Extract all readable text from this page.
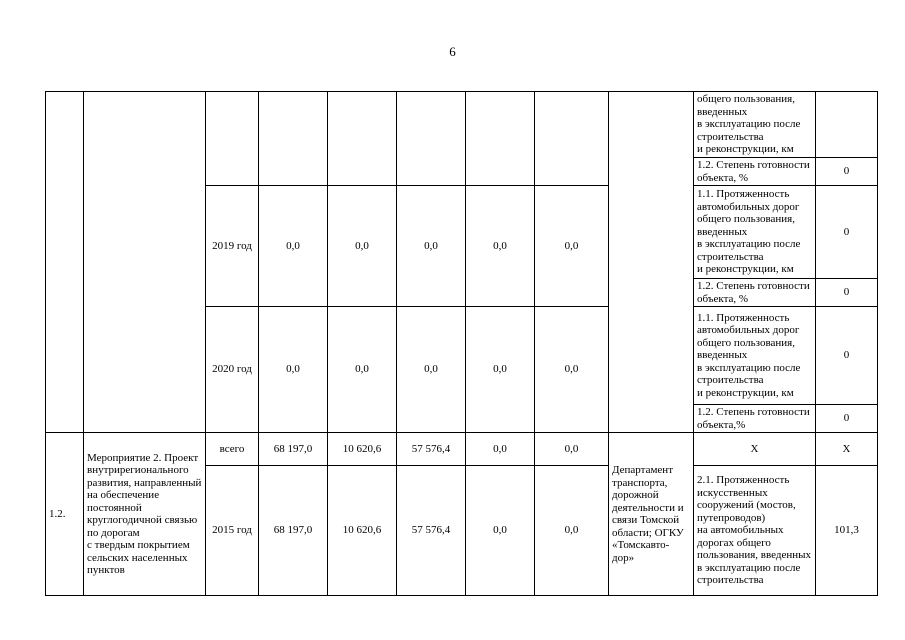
6
									общего пользования,
введенных
в эксплуатацию после строительства
и реконструкции, км	
									1.2. Степень готовности объекта, %	0
		2019 год	0,0	0,0	0,0	0,0	0,0		1.1. Протяженность автомобильных дорог общего пользования, введенных
в эксплуатацию после строительства
и реконструкции, км	0
									1.2. Степень готовности объекта, %	0
		2020 год	0,0	0,0	0,0	0,0	0,0		1.1. Протяженность автомобильных дорог общего пользования, введенных
в эксплуатацию после строительства
и реконструкции, км	0
									1.2. Степень готовности объекта,%	0
1.2.	Мероприятие 2. Проект внутрирегионального развития, направленный
на обеспечение постоянной круглогодичной связью по дорогам
с твердым покрытием сельских населенных пунктов	всего	68 197,0	10 620,6	57 576,4	0,0	0,0	Департамент транспорта, дорожной деятельности и связи Томской области; ОГКУ «Томскавто-дор»	X	X
		2015 год	68 197,0	10 620,6	57 576,4	0,0	0,0		2.1. Протяженность искусственных сооружений (мостов, путепроводов)
на автомобильных дорогах общего пользования, введенных
в эксплуатацию после строительства	101,3
